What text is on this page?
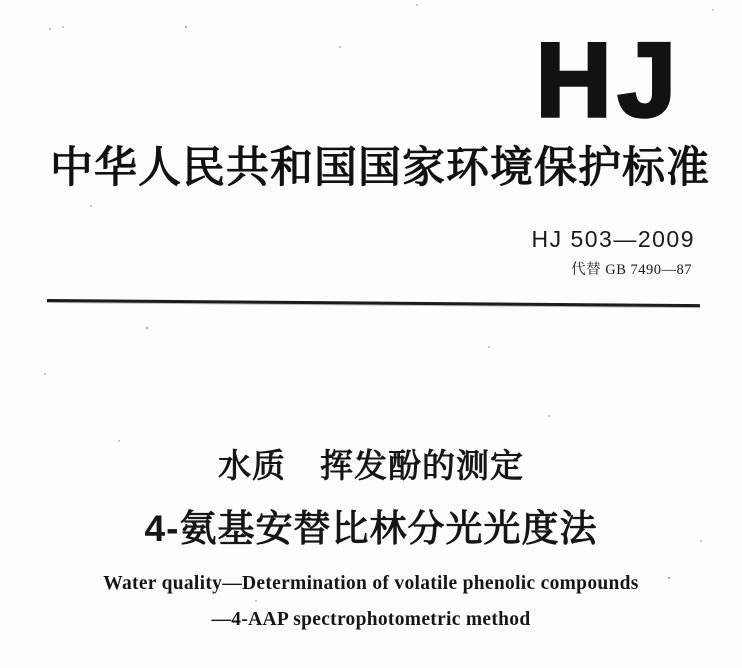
HJ
中华人民共和国国家环境保护标准
HJ 503—2009
代替 GB 7490—87
水质　挥发酚的测定
4-氨基安替比林分光光度法
Water quality—Determination of volatile phenolic compounds
—4-AAP spectrophotometric method
